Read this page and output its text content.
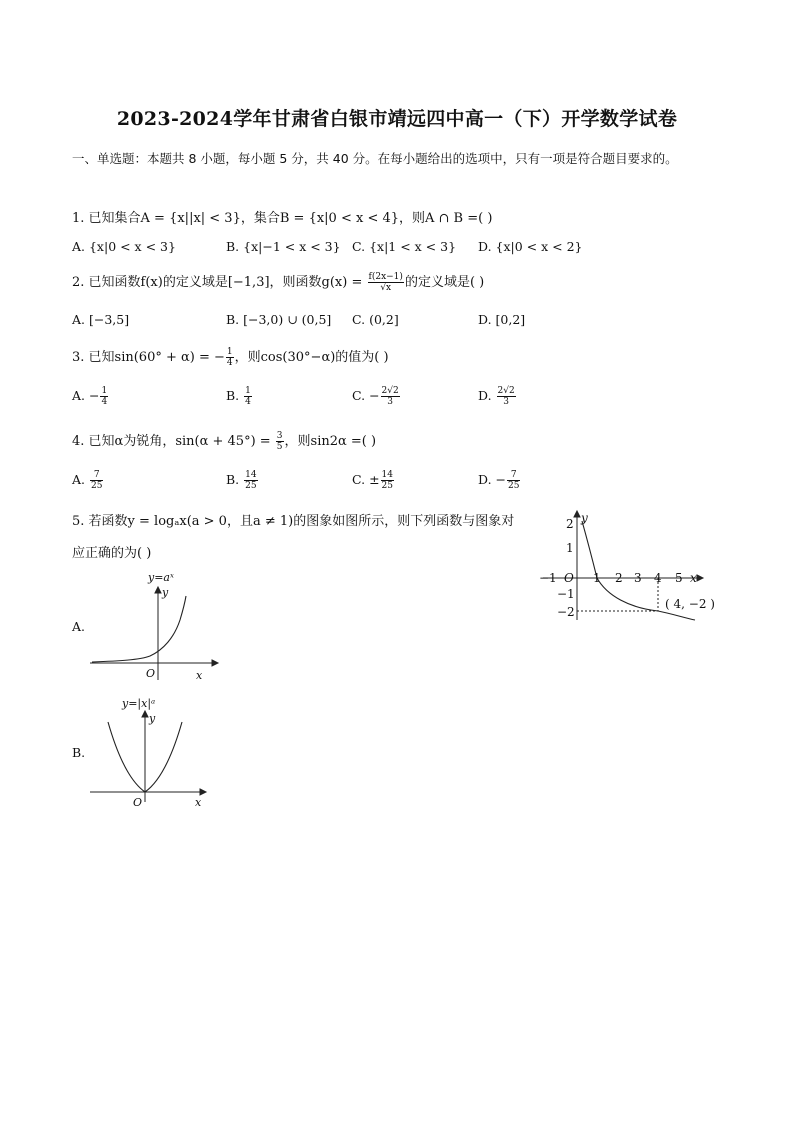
2023-2024学年甘肃省白银市靖远四中高一（下）开学数学试卷
一、单选题：本题共 8 小题，每小题 5 分，共 40 分。在每小题给出的选项中，只有一项是符合题目要求的。
1. 已知集合A = {x||x| < 3}，集合B = {x|0 < x < 4}，则A ∩ B =( )
A. {x|0 < x < 3}	B. {x|−1 < x < 3} C. {x|1 < x < 3} D. {x|0 < x < 2}
2. 已知函数f(x)的定义域是[−1,3]，则函数$g(x) = \frac{f(2x-1)}{√x}$ 的定义域是( )
A. [−3,5]	B. [−3,0) ∪ (0,5] C. (0,2]	D. [0,2]
3. 已知sin(60° + α) = − $\frac{1}{4}$ ，则cos(30°−α)的值为( )
A. − $\frac{1}{4}$	B. $\frac{1}{4}$	C. − $\frac{2√2}{3}$	D. $\frac{2√2}{3}$
4. 已知α为锐角，$\sin(\alpha + 45^\circ) = \frac{3}{5}$ ，则sin2α =( )
A. $\frac{7}{25}$	B. $\frac{14}{25}$	C. ± $\frac{14}{25}$	D. − $\frac{7}{25}$
5. 若函数y = logₐx(a > 0，且a ≠ 1)的图象如图所示，则下列函数与图象对
应正确的为( )
−1 O 1 2 3 4 5 x
y
2
1
−1
−2
( 4, −2 )
A.
y=aˣ
y
O	x
B.
y=|x|ᵃ
y
O	x
